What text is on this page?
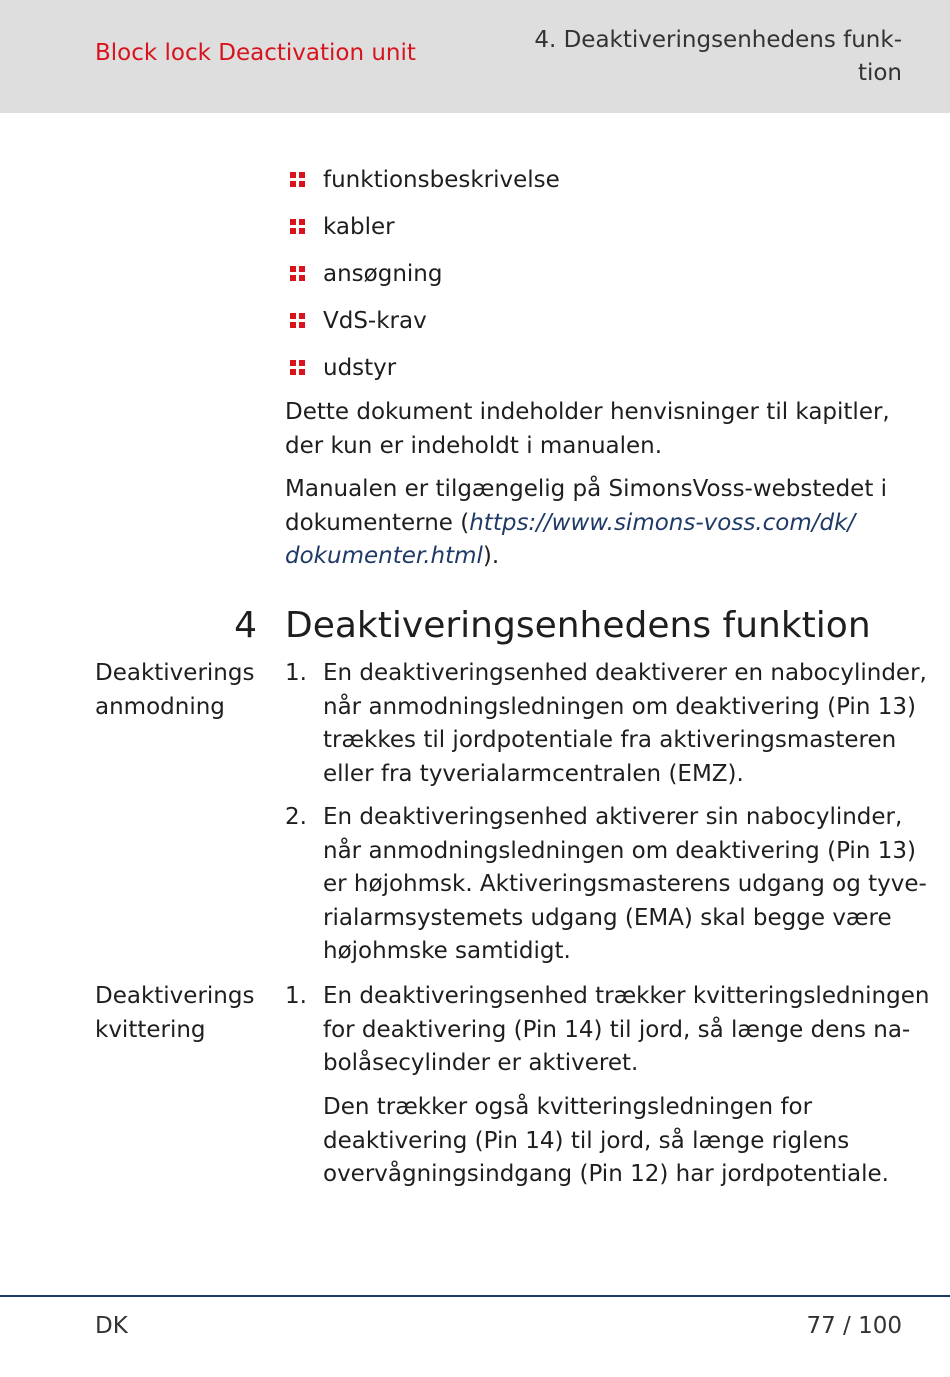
Block lock Deactivation unit	4. Deaktiveringsenhedens funk-
tion
funktionsbeskrivelse
kabler
ansøgning
VdS-krav
udstyr
Dette dokument indeholder henvisninger til kapitler,
der kun er indeholdt i manualen.
Manualen er tilgængelig på SimonsVoss-webstedet i
dokumenterne (https://www.simons-voss.com/dk/
dokumenter.html).
4 Deaktiveringsenhedens funktion
Deaktiverings
anmodning
1. En deaktiveringsenhed deaktiverer en nabocylinder,
når anmodningsledningen om deaktivering (Pin 13)
trækkes til jordpotentiale fra aktiveringsmasteren
eller fra tyverialarmcentralen (EMZ).
2. En deaktiveringsenhed aktiverer sin nabocylinder,
når anmodningsledningen om deaktivering (Pin 13)
er højohmsk. Aktiveringsmasterens udgang og tyve-
rialarmsystemets udgang (EMA) skal begge være
højohmske samtidigt.
Deaktiverings
kvittering
1. En deaktiveringsenhed trækker kvitteringsledningen
for deaktivering (Pin 14) til jord, så længe dens na-
bolåsecylinder er aktiveret.
Den trækker også kvitteringsledningen for
deaktivering (Pin 14) til jord, så længe riglens
overvågningsindgang (Pin 12) har jordpotentiale.
DK	77 / 100
